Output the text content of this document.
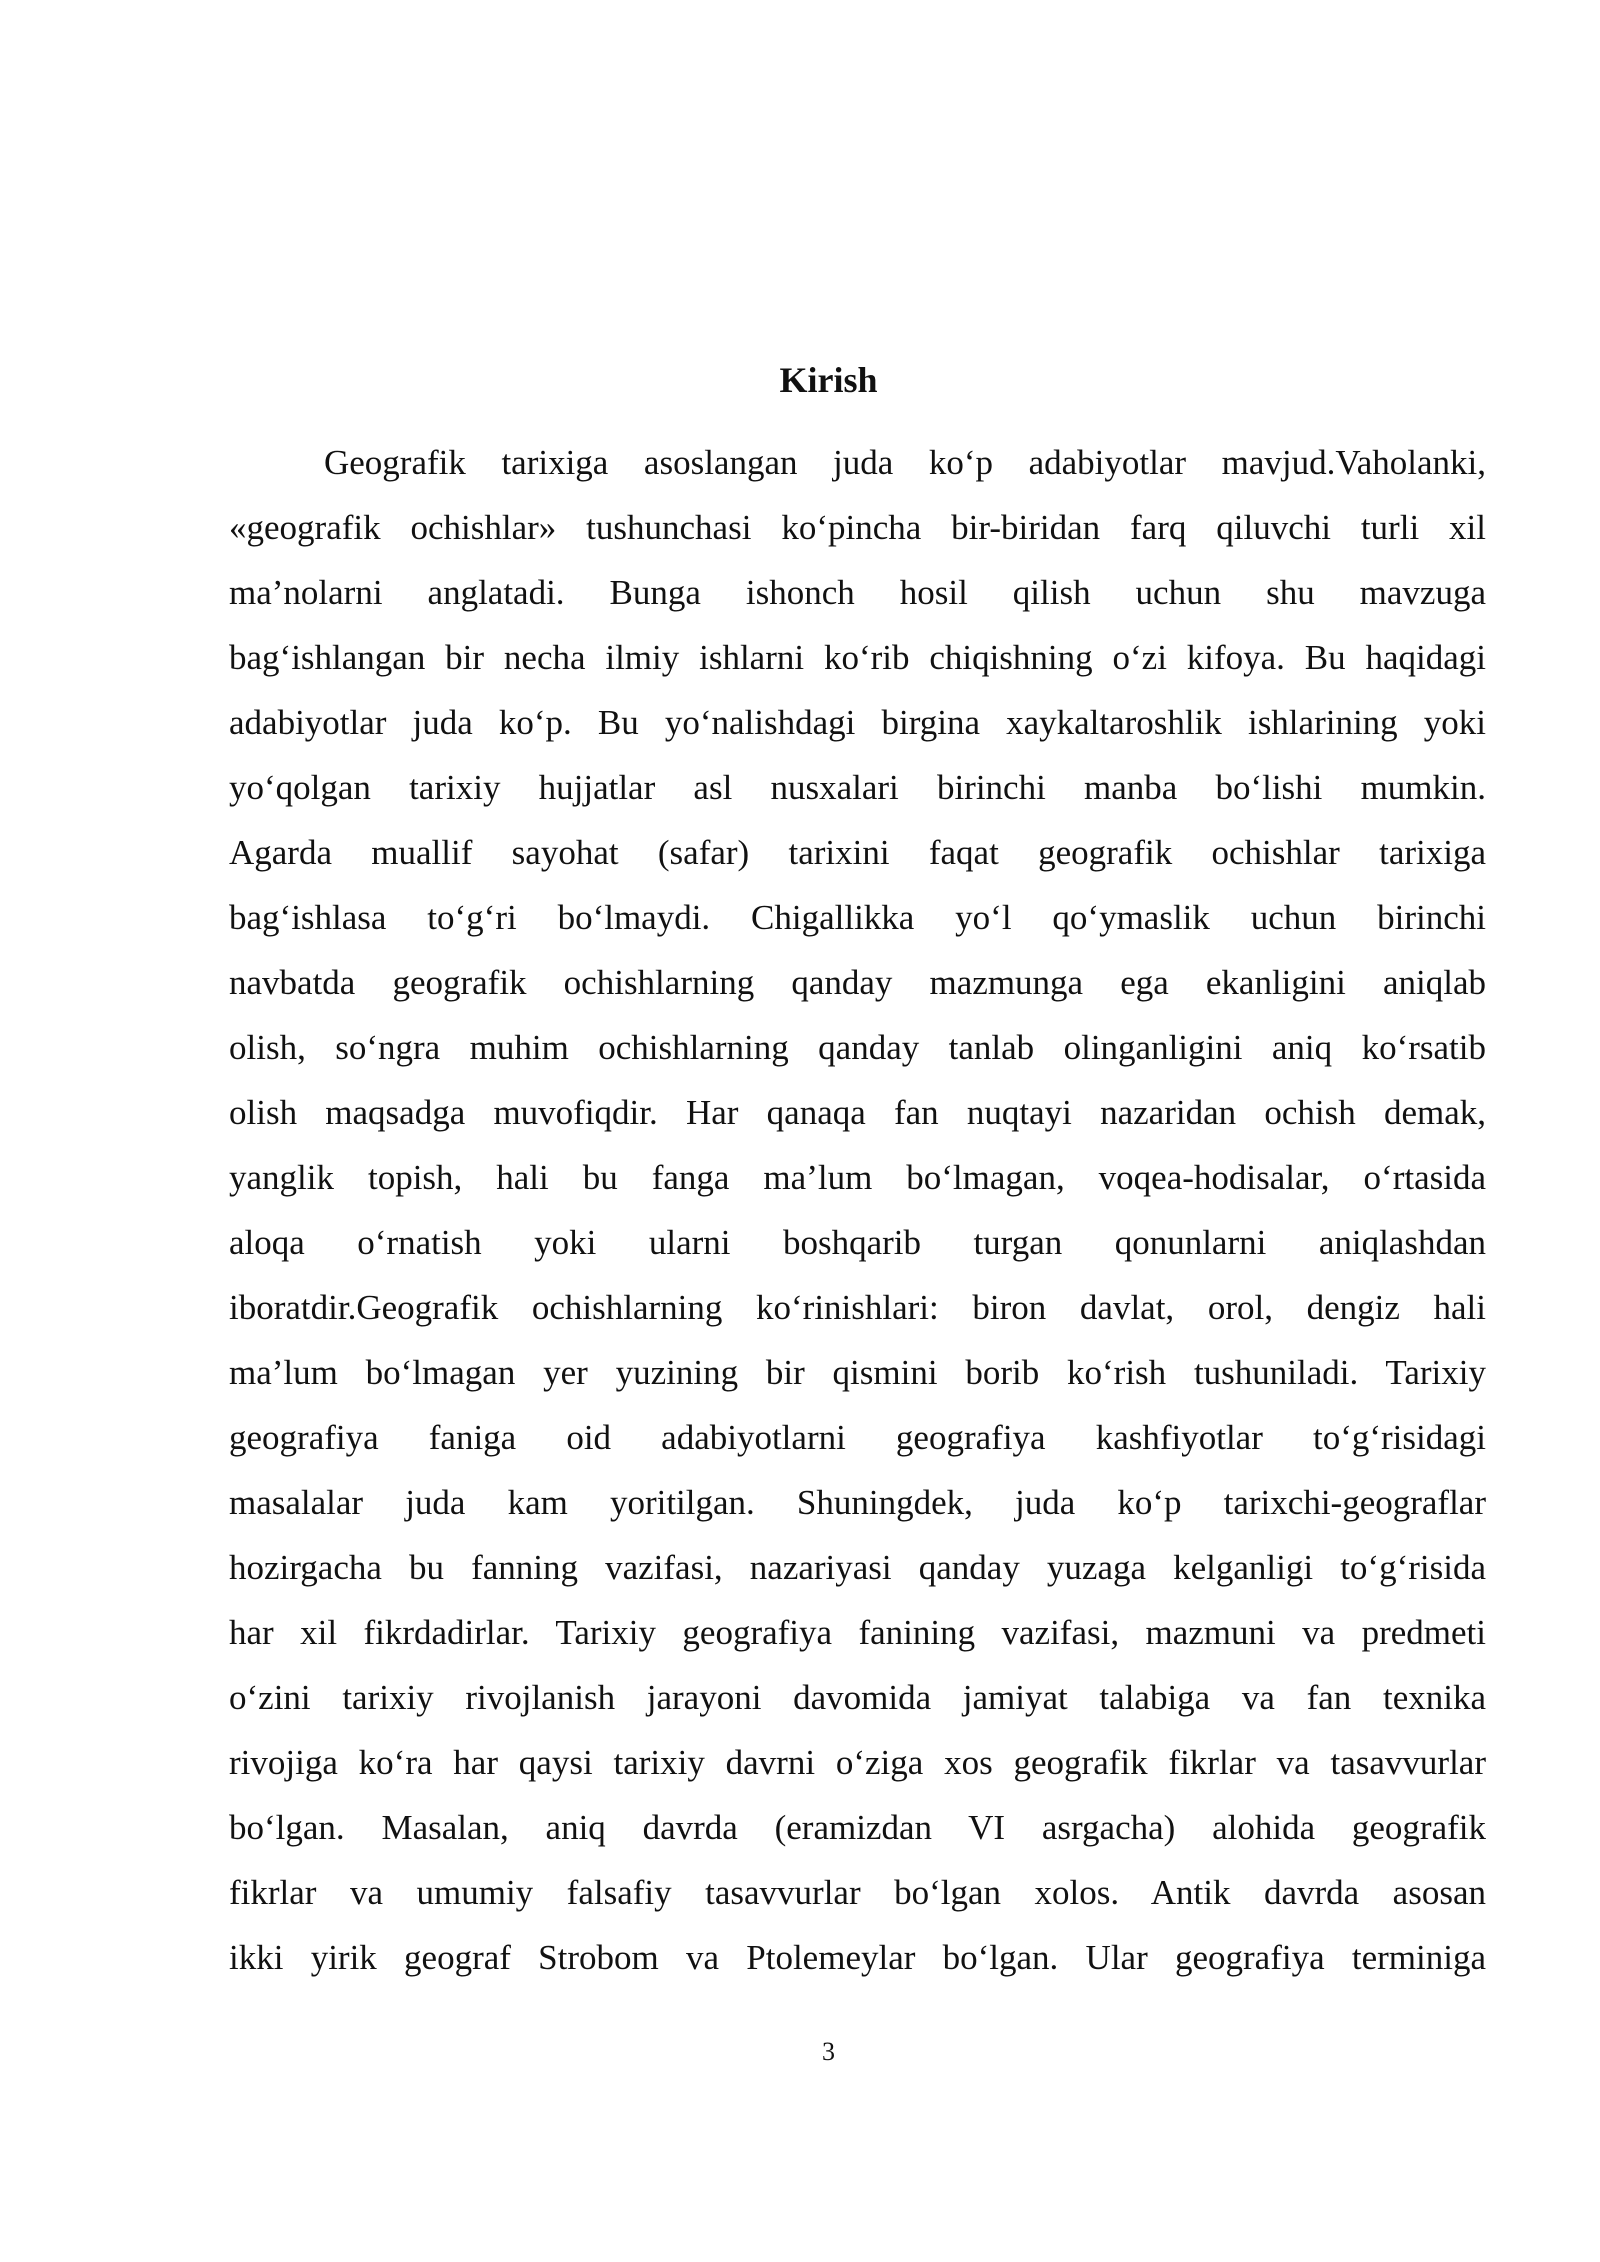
Kirish
Geografik tarixiga asoslangan juda ko‘p adabiyotlar mavjud.Vaholanki,
«geografik ochishlar» tushunchasi ko‘pincha bir-biridan farq qiluvchi turli xil
ma’nolarni anglatadi. Bunga ishonch hosil qilish uchun shu mavzuga
bag‘ishlangan bir necha ilmiy ishlarni ko‘rib chiqishning o‘zi kifoya. Bu haqidagi
adabiyotlar juda ko‘p. Bu yo‘nalishdagi birgina xaykaltaroshlik ishlarining yoki
yo‘qolgan tarixiy hujjatlar asl nusxalari birinchi manba bo‘lishi mumkin.
Agarda muallif sayohat (safar) tarixini faqat geografik ochishlar tarixiga
bag‘ishlasa to‘g‘ri bo‘lmaydi. Chigallikka yo‘l qo‘ymaslik uchun birinchi
navbatda geografik ochishlarning qanday mazmunga ega ekanligini aniqlab
olish, so‘ngra muhim ochishlarning qanday tanlab olinganligini aniq ko‘rsatib
olish maqsadga muvofiqdir. Har qanaqa fan nuqtayi nazaridan ochish demak,
yanglik topish, hali bu fanga ma’lum bo‘lmagan, voqea-hodisalar, o‘rtasida
aloqa o‘rnatish yoki ularni boshqarib turgan qonunlarni aniqlashdan
iboratdir.Geografik ochishlarning ko‘rinishlari: biron davlat, orol, dengiz hali
ma’lum bo‘lmagan yer yuzining bir qismini borib ko‘rish tushuniladi. Tarixiy
geografiya faniga oid adabiyotlarni geografiya kashfiyotlar to‘g‘risidagi
masalalar juda kam yoritilgan. Shuningdek, juda ko‘p tarixchi-geograflar
hozirgacha bu fanning vazifasi, nazariyasi qanday yuzaga kelganligi to‘g‘risida
har xil fikrdadirlar. Tarixiy geografiya fanining vazifasi, mazmuni va predmeti
o‘zini tarixiy rivojlanish jarayoni davomida jamiyat talabiga va fan texnika
rivojiga ko‘ra har qaysi tarixiy davrni o‘ziga xos geografik fikrlar va tasavvurlar
bo‘lgan. Masalan, aniq davrda (eramizdan VI asrgacha) alohida geografik
fikrlar va umumiy falsafiy tasavvurlar bo‘lgan xolos. Antik davrda asosan
ikki yirik geograf Strobom va Ptolemeylar bo‘lgan. Ular geografiya terminiga
3
